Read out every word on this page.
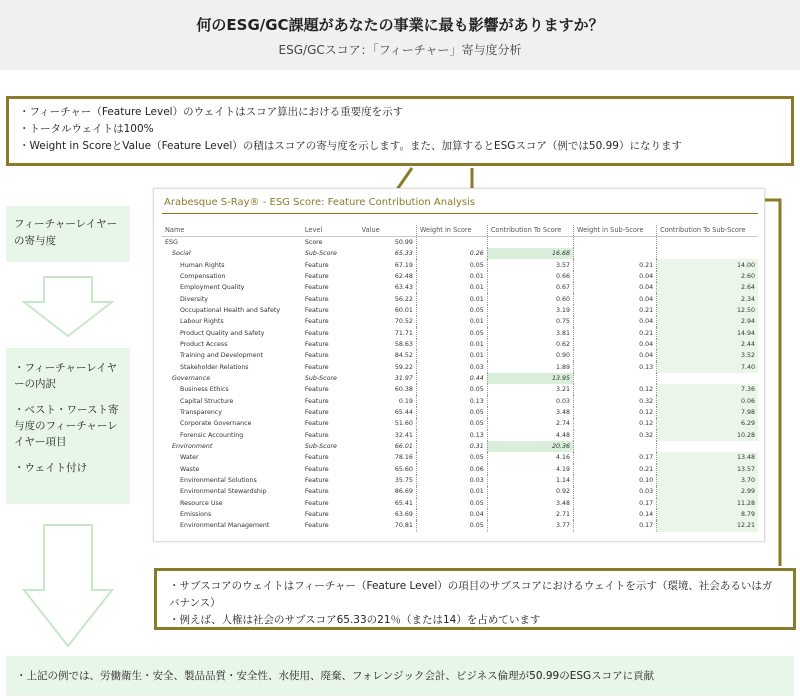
何のESG/GC課題があなたの事業に最も影響がありますか？
ESG/GCスコア：「フィーチャー」寄与度分析
・フィーチャー（Feature Level）のウェイトはスコア算出における重要度を示す
・トータルウェイトは100%
・Weight in ScoreとValue（Feature Level）の積はスコアの寄与度を示します。また、加算するとESGスコア（例では50.99）になります
フィーチャーレイヤーの寄与度
・フィーチャーレイヤーの内訳
・ベスト・ワースト寄与度のフィーチャーレイヤー項目
・ウェイト付け
Arabesque S-Ray® - ESG Score: Feature Contribution Analysis
Name	Level	Value	Weight in Score	Contribution To Score	Weight in Sub-Score	Contribution To Sub-Score
ESG	Score	50.99				
Social	Sub-Score	65.33	0.26	16.68		
Human Rights	Feature	67.19	0.05	3.57	0.21	14.00
Compensation	Feature	62.48	0.01	0.66	0.04	2.60
Employment Quality	Feature	63.43	0.01	0.67	0.04	2.64
Diversity	Feature	56.22	0.01	0.60	0.04	2.34
Occupational Health and Safety	Feature	60.01	0.05	3.19	0.21	12.50
Labour Rights	Feature	70.52	0.01	0.75	0.04	2.94
Product Quality and Safety	Feature	71.71	0.05	3.81	0.21	14.94
Product Access	Feature	58.63	0.01	0.62	0.04	2.44
Training and Development	Feature	84.52	0.01	0.90	0.04	3.52
Stakeholder Relations	Feature	59.22	0.03	1.89	0.13	7.40
Governance	Sub-Score	31.97	0.44	13.95		
Business Ethics	Feature	60.38	0.05	3.21	0.12	7.36
Capital Structure	Feature	0.19	0.13	0.03	0.32	0.06
Transparency	Feature	65.44	0.05	3.48	0.12	7.98
Corporate Governance	Feature	51.60	0.05	2.74	0.12	6.29
Forensic Accounting	Feature	32.41	0.13	4.48	0.32	10.28
Environment	Sub-Score	66.01	0.31	20.36		
Water	Feature	78.16	0.05	4.16	0.17	13.48
Waste	Feature	65.60	0.06	4.19	0.21	13.57
Environmental Solutions	Feature	35.75	0.03	1.14	0.10	3.70
Environmental Stewardship	Feature	86.69	0.01	0.92	0.03	2.99
Resource Use	Feature	65.41	0.05	3.48	0.17	11.28
Emissions	Feature	63.69	0.04	2.71	0.14	8.79
Environmental Management	Feature	70.81	0.05	3.77	0.17	12.21
・サブスコアのウェイトはフィーチャー（Feature Level）の項目のサブスコアにおけるウェイトを示す（環境、社会あるいはガバナンス）
・例えば、人権は社会のサブスコア65.33の21％（または14）を占めています
・上記の例では、労働衛生・安全、製品品質・安全性、水使用、廃棄、フォレンジック会計、ビジネス倫理が50.99のESGスコアに貢献
